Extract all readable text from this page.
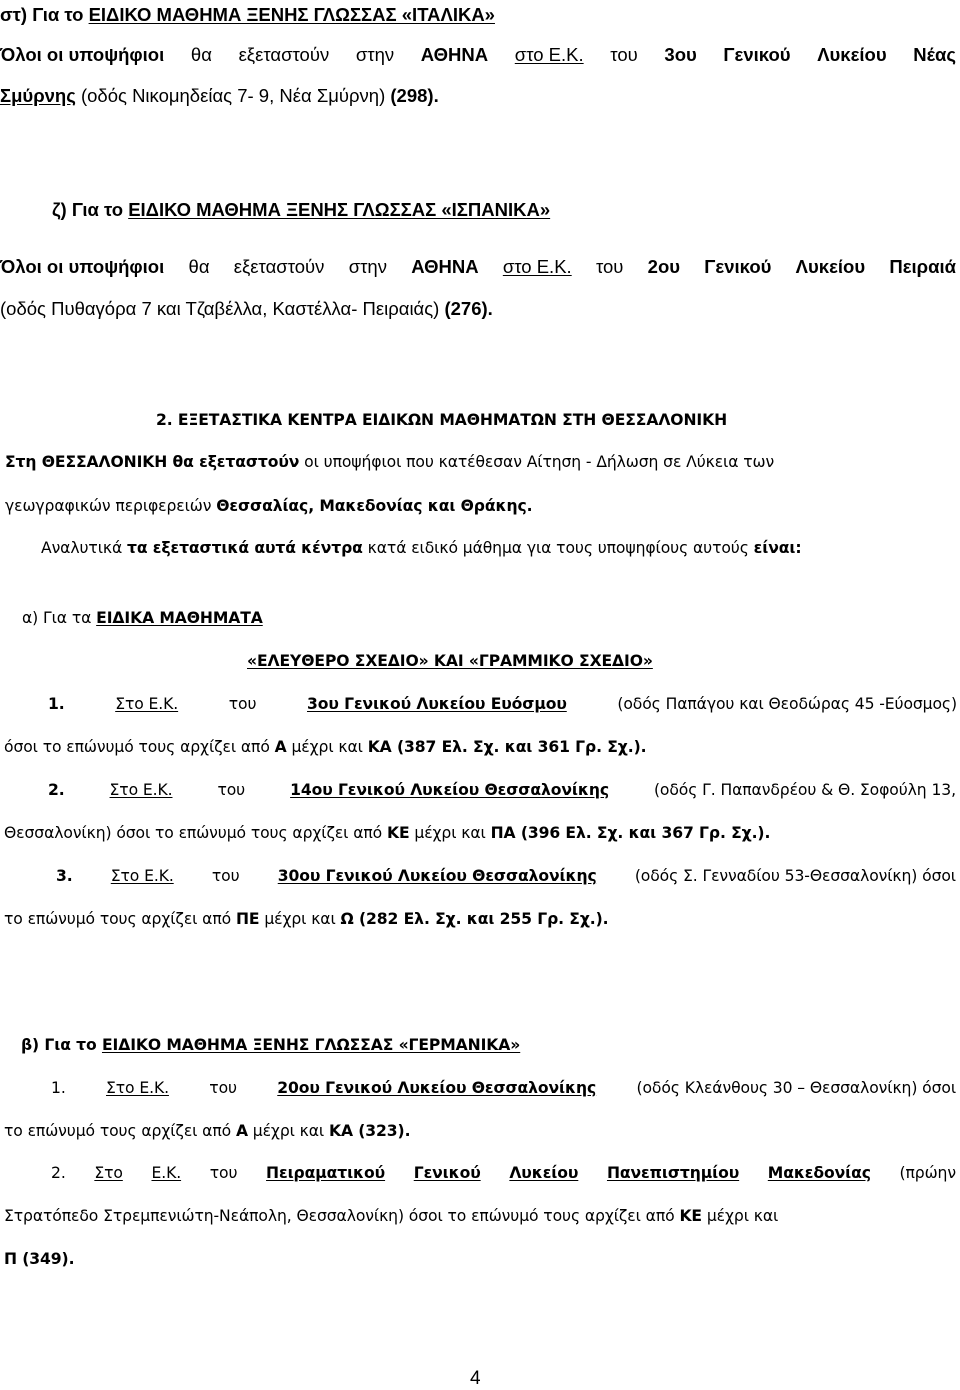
στ) Για το ΕΙΔΙΚΟ ΜΑΘΗΜΑ ΞΕΝΗΣ ΓΛΩΣΣΑΣ «ΙΤΑΛΙΚΑ»
Όλοι οι υποψήφιοι θα εξεταστούν στην ΑΘΗΝΑ στο Ε.Κ. του 3ου Γενικού Λυκείου Νέας
Σμύρνης (οδός Νικομηδείας 7- 9, Νέα Σμύρνη) (298).
ζ) Για το ΕΙΔΙΚΟ ΜΑΘΗΜΑ ΞΕΝΗΣ ΓΛΩΣΣΑΣ «ΙΣΠΑΝΙΚΑ»
Όλοι οι υποψήφιοι θα εξεταστούν στην ΑΘΗΝΑ στο Ε.Κ. του 2ου Γενικού Λυκείου Πειραιά
(οδός Πυθαγόρα 7 και Τζαβέλλα, Καστέλλα- Πειραιάς) (276).
2. ΕΞΕΤΑΣΤΙΚΑ ΚΕΝΤΡΑ ΕΙΔΙΚΩΝ ΜΑΘΗΜΑΤΩΝ ΣΤΗ ΘΕΣΣΑΛΟΝΙΚΗ
Στη ΘΕΣΣΑΛΟΝΙΚΗ θα εξεταστούν οι υποψήφιοι που κατέθεσαν Αίτηση - Δήλωση σε Λύκεια των
γεωγραφικών περιφερειών Θεσσαλίας, Μακεδονίας και Θράκης.
Αναλυτικά τα εξεταστικά αυτά κέντρα κατά ειδικό μάθημα για τους υποψηφίους αυτούς είναι:
α) Για τα ΕΙΔΙΚΑ ΜΑΘΗΜΑΤΑ
«ΕΛΕΥΘΕΡΟ ΣΧΕΔΙΟ» ΚΑΙ «ΓΡΑΜΜΙΚΟ ΣΧΕΔΙΟ»
1.	Στο Ε.Κ.	του	3ου Γενικού Λυκείου Ευόσμου	(οδός Παπάγου και Θεοδώρας 45 -Εύοσμος)
όσοι το επώνυμό τους αρχίζει από Α μέχρι και ΚΑ (387 Ελ. Σχ. και 361 Γρ. Σχ.).
2.	Στο Ε.Κ.	του	14ου Γενικού Λυκείου Θεσσαλονίκης	(οδός Γ. Παπανδρέου & Θ. Σοφούλη 13,
Θεσσαλονίκη) όσοι το επώνυμό τους αρχίζει από ΚΕ μέχρι και ΠΑ (396 Ελ. Σχ. και 367 Γρ. Σχ.).
3. Στο Ε.Κ. του 30ου Γενικού Λυκείου Θεσσαλονίκης (οδός Σ. Γενναδίου 53-Θεσσαλονίκη) όσοι
το επώνυμό τους αρχίζει από ΠΕ μέχρι και Ω (282 Ελ. Σχ. και 255 Γρ. Σχ.).
β) Για το ΕΙΔΙΚΟ ΜΑΘΗΜΑ ΞΕΝΗΣ ΓΛΩΣΣΑΣ «ΓΕΡΜΑΝΙΚΑ»
1.	Στο Ε.Κ.	του	20ου Γενικού Λυκείου Θεσσαλονίκης	(οδός Κλεάνθους 30 – Θεσσαλονίκη) όσοι
το επώνυμό τους αρχίζει από Α μέχρι και ΚΑ (323).
2. Στο Ε.Κ. του Πειραματικού Γενικού Λυκείου Πανεπιστημίου Μακεδονίας (πρώην
Στρατόπεδο Στρεμπενιώτη-Νεάπολη, Θεσσαλονίκη) όσοι το επώνυμό τους αρχίζει από ΚΕ μέχρι και
Π (349).
4
